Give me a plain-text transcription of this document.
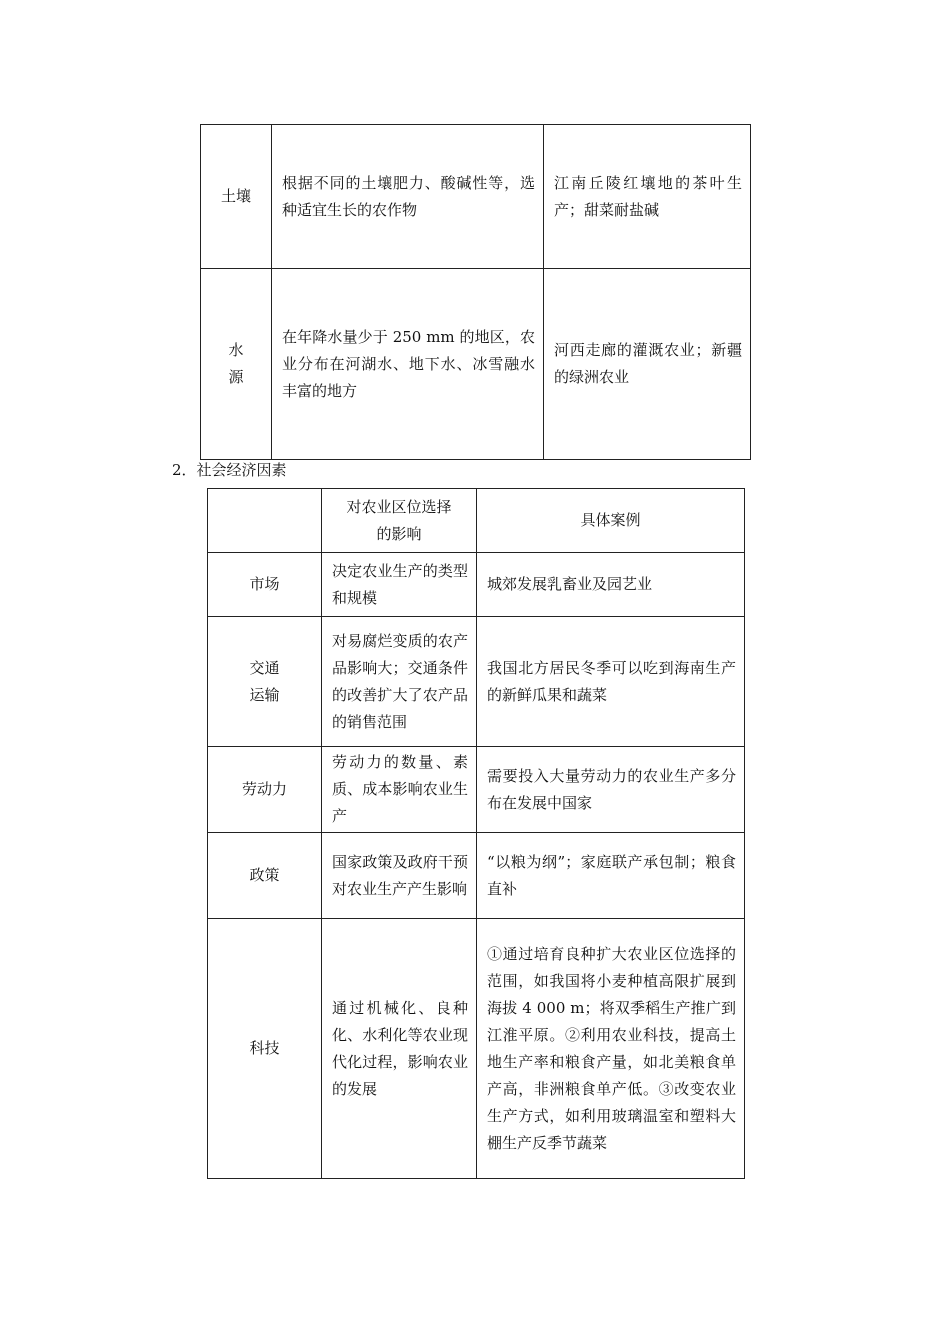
土壤	根据不同的土壤肥力、酸碱性等，选种适宜生长的农作物	江南丘陵红壤地的茶叶生产；甜菜耐盐碱

水
源	在年降水量少于 250 mm 的地区，农业分布在河湖水、地下水、冰雪融水丰富的地方	河西走廊的灌溉农业；新疆的绿洲农业
2．社会经济因素

	对农业区位选择
的影响	具体案例
市场	决定农业生产的类型和规模	城郊发展乳畜业及园艺业

交通
运输	对易腐烂变质的农产品影响大；交通条件的改善扩大了农产品的销售范围	我国北方居民冬季可以吃到海南生产的新鲜瓜果和蔬菜
劳动力	劳动力的数量、素质、成本影响农业生产	需要投入大量劳动力的农业生产多分布在发展中国家
政策	国家政策及政府干预对农业生产产生影响	“以粮为纲”；家庭联产承包制；粮食直补
科技	通过机械化、良种化、水利化等农业现代化过程，影响农业的发展	①通过培育良种扩大农业区位选择的范围，如我国将小麦种植高限扩展到海拔 4 000 m；将双季稻生产推广到江淮平原。②利用农业科技，提高土地生产率和粮食产量，如北美粮食单产高，非洲粮食单产低。③改变农业生产方式，如利用玻璃温室和塑料大棚生产反季节蔬菜
